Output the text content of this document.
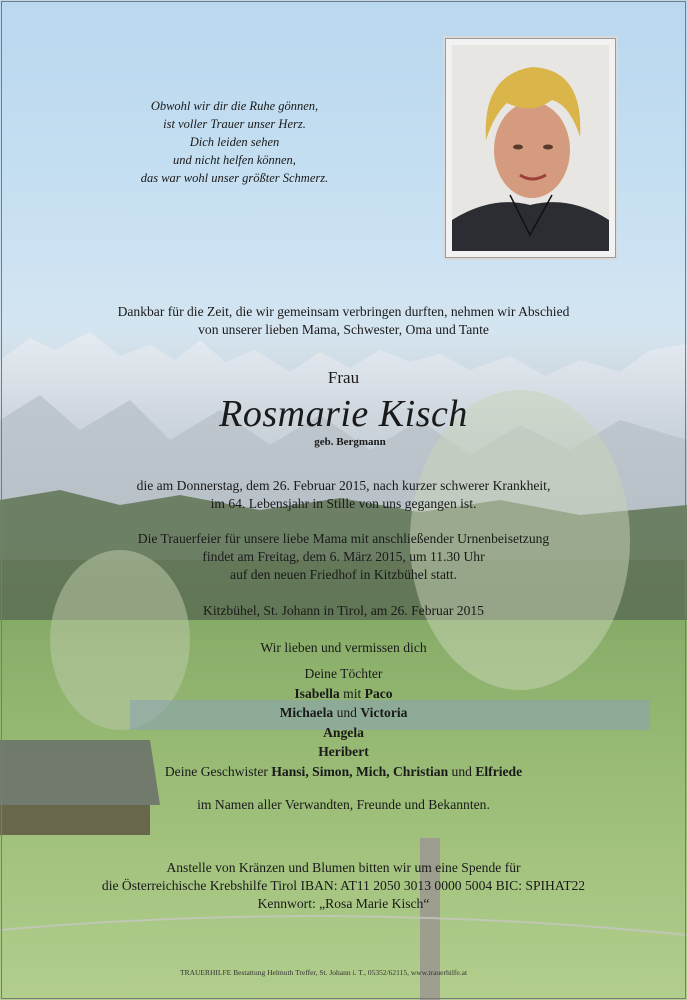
Obwohl wir dir die Ruhe gönnen,
ist voller Trauer unser Herz.
Dich leiden sehen
und nicht helfen können,
das war wohl unser größter Schmerz.
Dankbar für die Zeit, die wir gemeinsam verbringen durften, nehmen wir Abschied
von unserer lieben Mama, Schwester, Oma und Tante
Frau
Rosmarie Kisch
geb. Bergmann
die am Donnerstag, dem 26. Februar 2015, nach kurzer schwerer Krankheit,
im 64. Lebensjahr in Stille von uns gegangen ist.
Die Trauerfeier für unsere liebe Mama mit anschließender Urnenbeisetzung
findet am Freitag, dem 6. März 2015, um 11.30 Uhr
auf den neuen Friedhof in Kitzbühel statt.
Kitzbühel, St. Johann in Tirol, am 26. Februar 2015
Wir lieben und vermissen dich
Deine Töchter
Isabella mit Paco
Michaela und Victoria
Angela
Heribert
Deine Geschwister Hansi, Simon, Mich, Christian und Elfriede
im Namen aller Verwandten, Freunde und Bekannten.
Anstelle von Kränzen und Blumen bitten wir um eine Spende für
die Österreichische Krebshilfe Tirol IBAN: AT11 2050 3013 0000 5004 BIC: SPIHAT22
Kennwort: „Rosa Marie Kisch“
TRAUERHILFE Bestattung Helmuth Treffer, St. Johann i. T., 05352/62115, www.trauerhilfe.at
